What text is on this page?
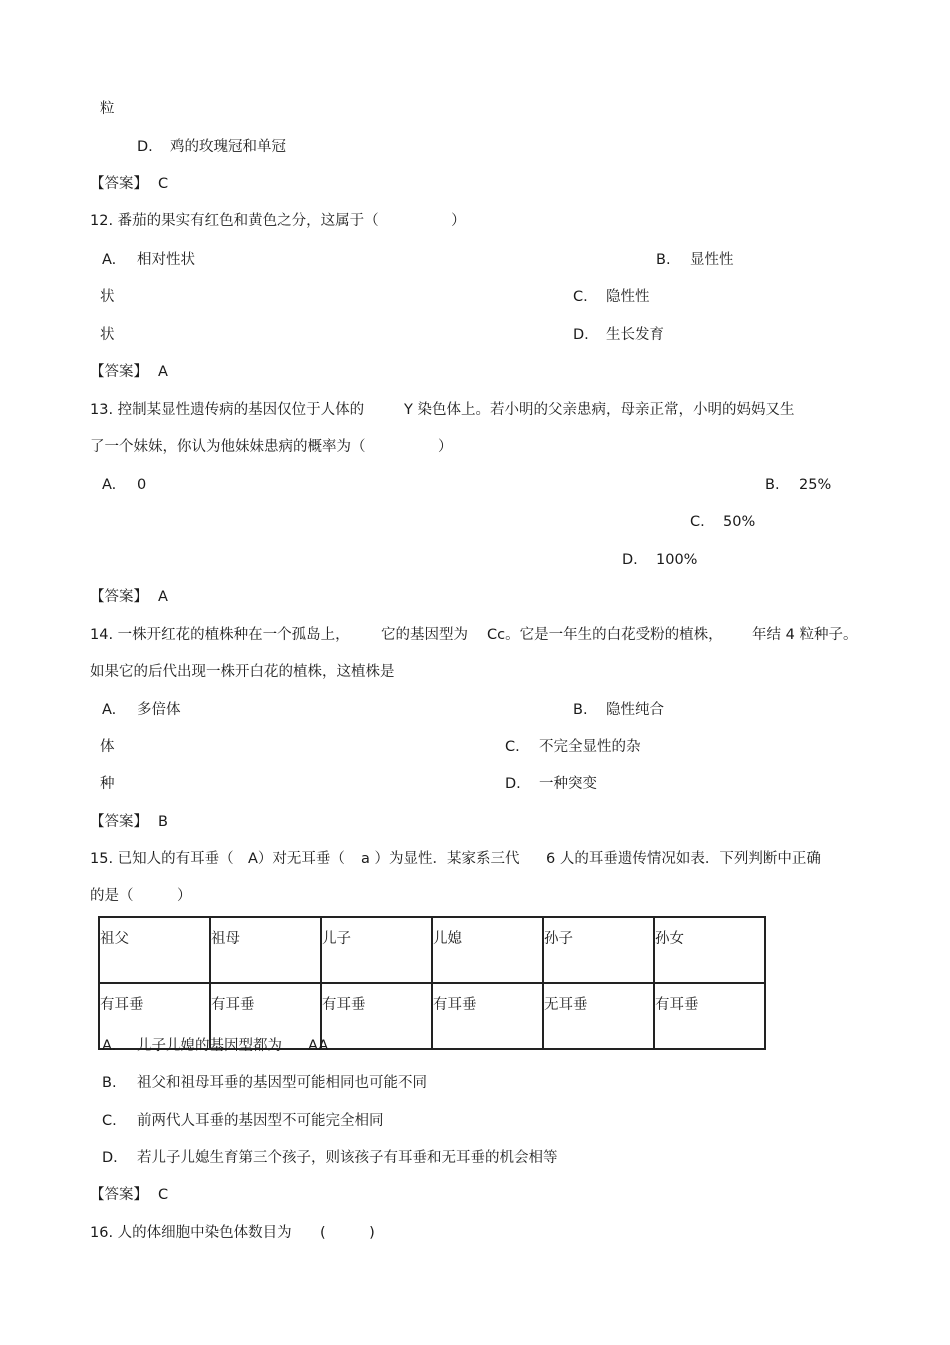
粒
D. 鸡的玫瑰冠和单冠
【答案】 C
12. 番茄的果实有红色和黄色之分，这属于（　　　　　）
A. 相对性状	B. 显性性
状	C. 隐性性
状	D. 生长发育
【答案】 A
13. 控制某显性遗传病的基因仅位于人体的	Y 染色体上。若小明的父亲患病，母亲正常，小明的妈妈又生
了一个妹妹，你认为他妹妹患病的概率为（　　　　　）
A. 0	B. 25%
C. 50%
D. 100%
【答案】 A
14. 一株开红花的植株种在一个孤岛上， 它的基因型为 Cc。它是一年生的白花受粉的植株， 年结 4 粒种子。
如果它的后代出现一株开白花的植株，这植株是
A. 多倍体	B. 隐性纯合
体	C. 不完全显性的杂
种	D. 一种突变
【答案】 B
15. 已知人的有耳垂（ A）对无耳垂（ a ）为显性．某家系三代 6 人的耳垂遗传情况如表．下列判断中正确
的是（　　　）
祖父	祖母	儿子	儿媳	孙子	孙女
有耳垂	有耳垂	有耳垂	有耳垂	无耳垂	有耳垂
A. 儿子儿媳的基因型都为 AA
B. 祖父和祖母耳垂的基因型可能相同也可能不同
C. 前两代人耳垂的基因型不可能完全相同
D. 若儿子儿媳生育第三个孩子，则该孩子有耳垂和无耳垂的机会相等
【答案】 C
16. 人的体细胞中染色体数目为 (　　　)
